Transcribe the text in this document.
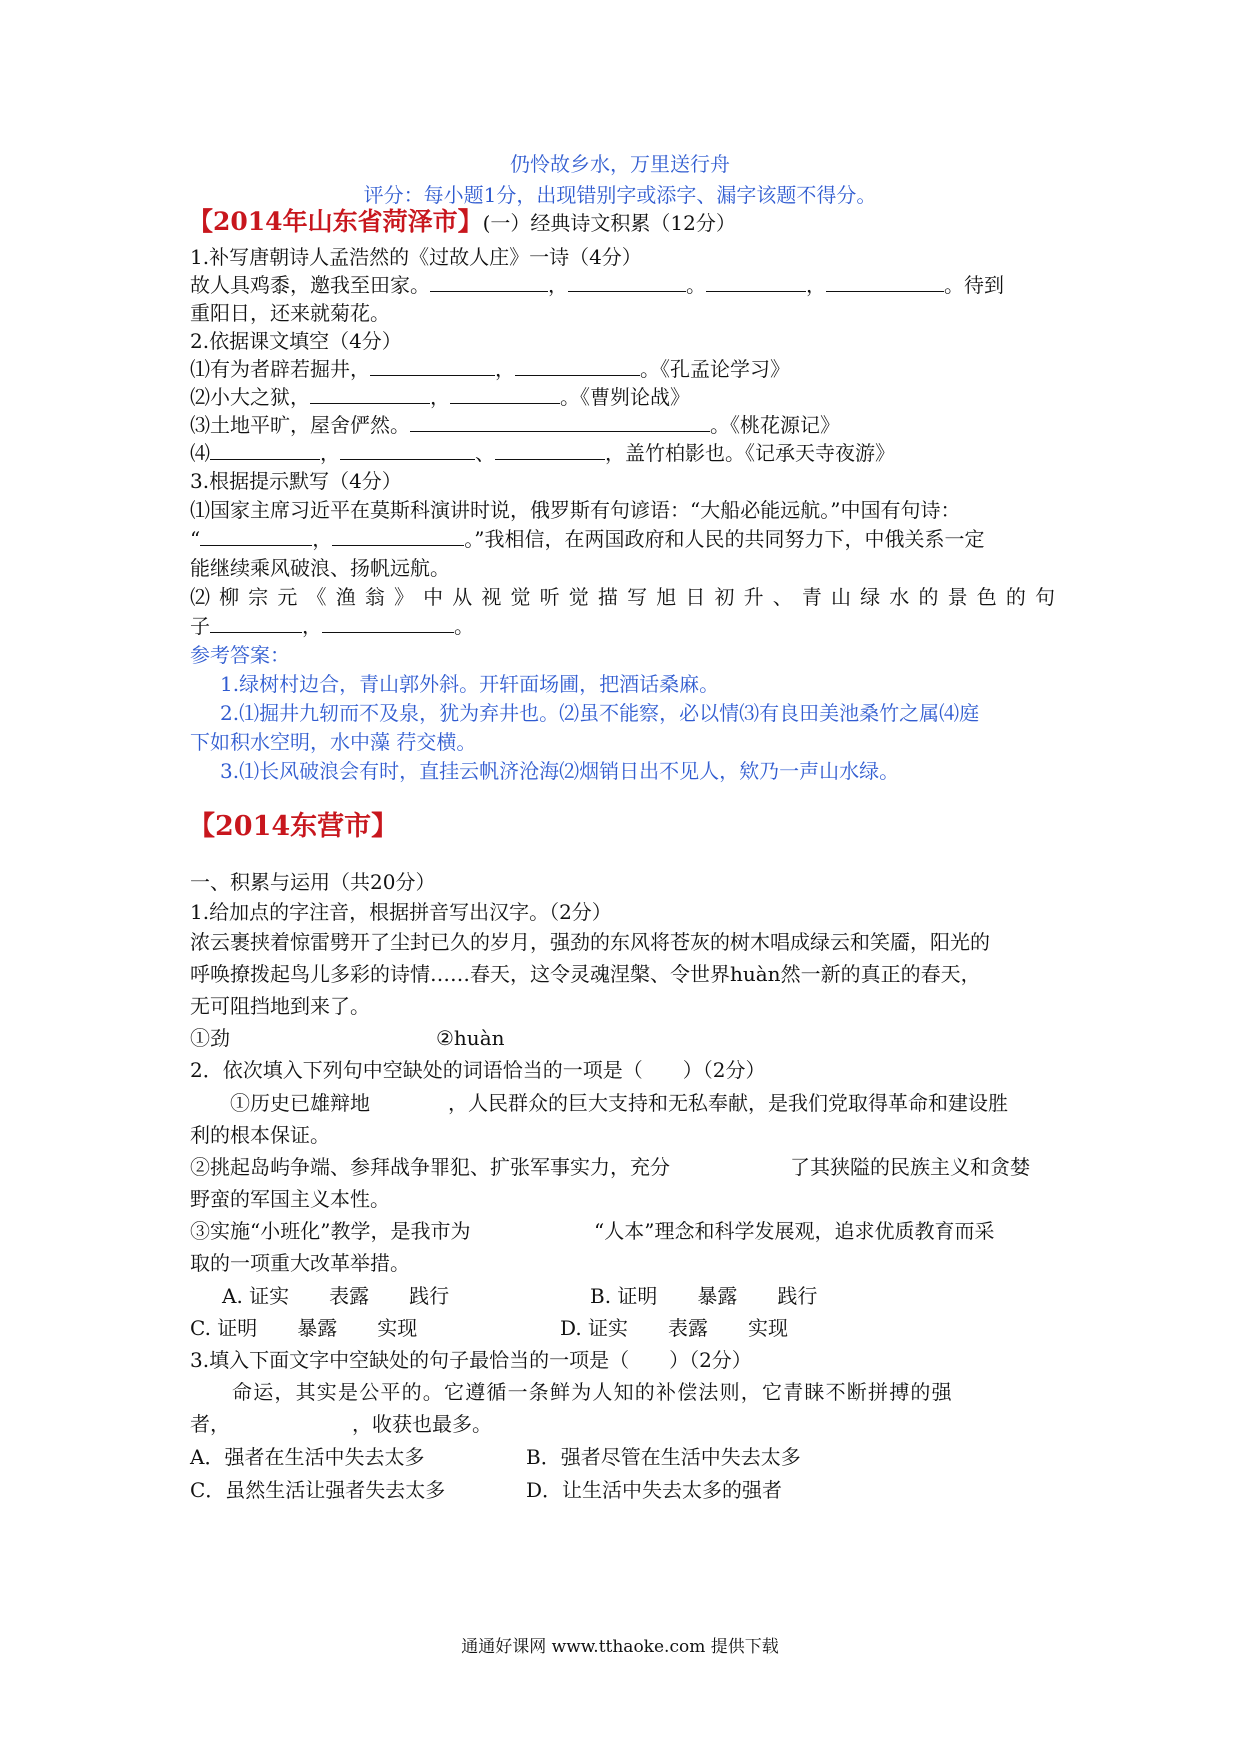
仍怜故乡水，万里送行舟
评分：每小题1分，出现错别字或添字、漏字该题不得分。
【2014年山东省菏泽市】(一）经典诗文积累（12分）
1.补写唐朝诗人孟浩然的《过故人庄》一诗（4分）
故人具鸡黍，邀我至田家。	，	。	，	。待到
重阳日，还来就菊花。
2.依据课文填空（4分）
⑴有为者辟若掘井，	，	。《孔孟论学习》
⑵小大之狱，	，	。《曹刿论战》
⑶土地平旷，屋舍俨然。	。《桃花源记》
⑷	，	、	，盖竹柏影也。《记承天寺夜游》
3.根据提示默写（4分）
⑴国家主席习近平在莫斯科演讲时说，俄罗斯有句谚语：“大船必能远航。”中国有句诗：
“	，	。”我相信，在两国政府和人民的共同努力下，中俄关系一定
能继续乘风破浪、扬帆远航。
⑵柳宗元《渔翁》中从视觉听觉描写旭日初升、青山绿水的景色的句
子	，	。
参考答案：
1.绿树村边合，青山郭外斜。开轩面场圃，把酒话桑麻。
2.⑴掘井九轫而不及泉，犹为弃井也。⑵虽不能察，必以情⑶有良田美池桑竹之属⑷庭
下如积水空明，水中藻 荇交横。
3.⑴长风破浪会有时，直挂云帆济沧海⑵烟销日出不见人，欸乃一声山水绿。
【2014东营市】
一、积累与运用（共20分）
1.给加点的字注音，根据拼音写出汉字。（2分）
浓云裹挟着惊雷劈开了尘封已久的岁月，强劲的东风将苍灰的树木唱成绿云和笑靥，阳光的
呼唤撩拨起鸟儿多彩的诗情……春天，这令灵魂涅槃、令世界huàn然一新的真正的春天，
无可阻挡地到来了。
①劲	②huàn
2．依次填入下列句中空缺处的词语恰当的一项是（　　）（2分）
①历史已雄辩地	，人民群众的巨大支持和无私奉献，是我们党取得革命和建设胜
利的根本保证。
②挑起岛屿争端、参拜战争罪犯、扩张军事实力，充分	了其狭隘的民族主义和贪婪
野蛮的军国主义本性。
③实施“小班化”教学，是我市为	“人本”理念和科学发展观，追求优质教育而采
取的一项重大改革举措。
A. 证实　　表露　　践行	B. 证明　　暴露　　践行
C. 证明　　暴露　　实现	D. 证实　　表露　　实现
3.填入下面文字中空缺处的句子最恰当的一项是（　　）（2分）
命运，其实是公平的。它遵循一条鲜为人知的补偿法则，它青睐不断拼搏的强
者，	，收获也最多。
A．强者在生活中失去太多	B．强者尽管在生活中失去太多
C．虽然生活让强者失去太多	D．让生活中失去太多的强者
通通好课网 www.tthaoke.com 提供下载
